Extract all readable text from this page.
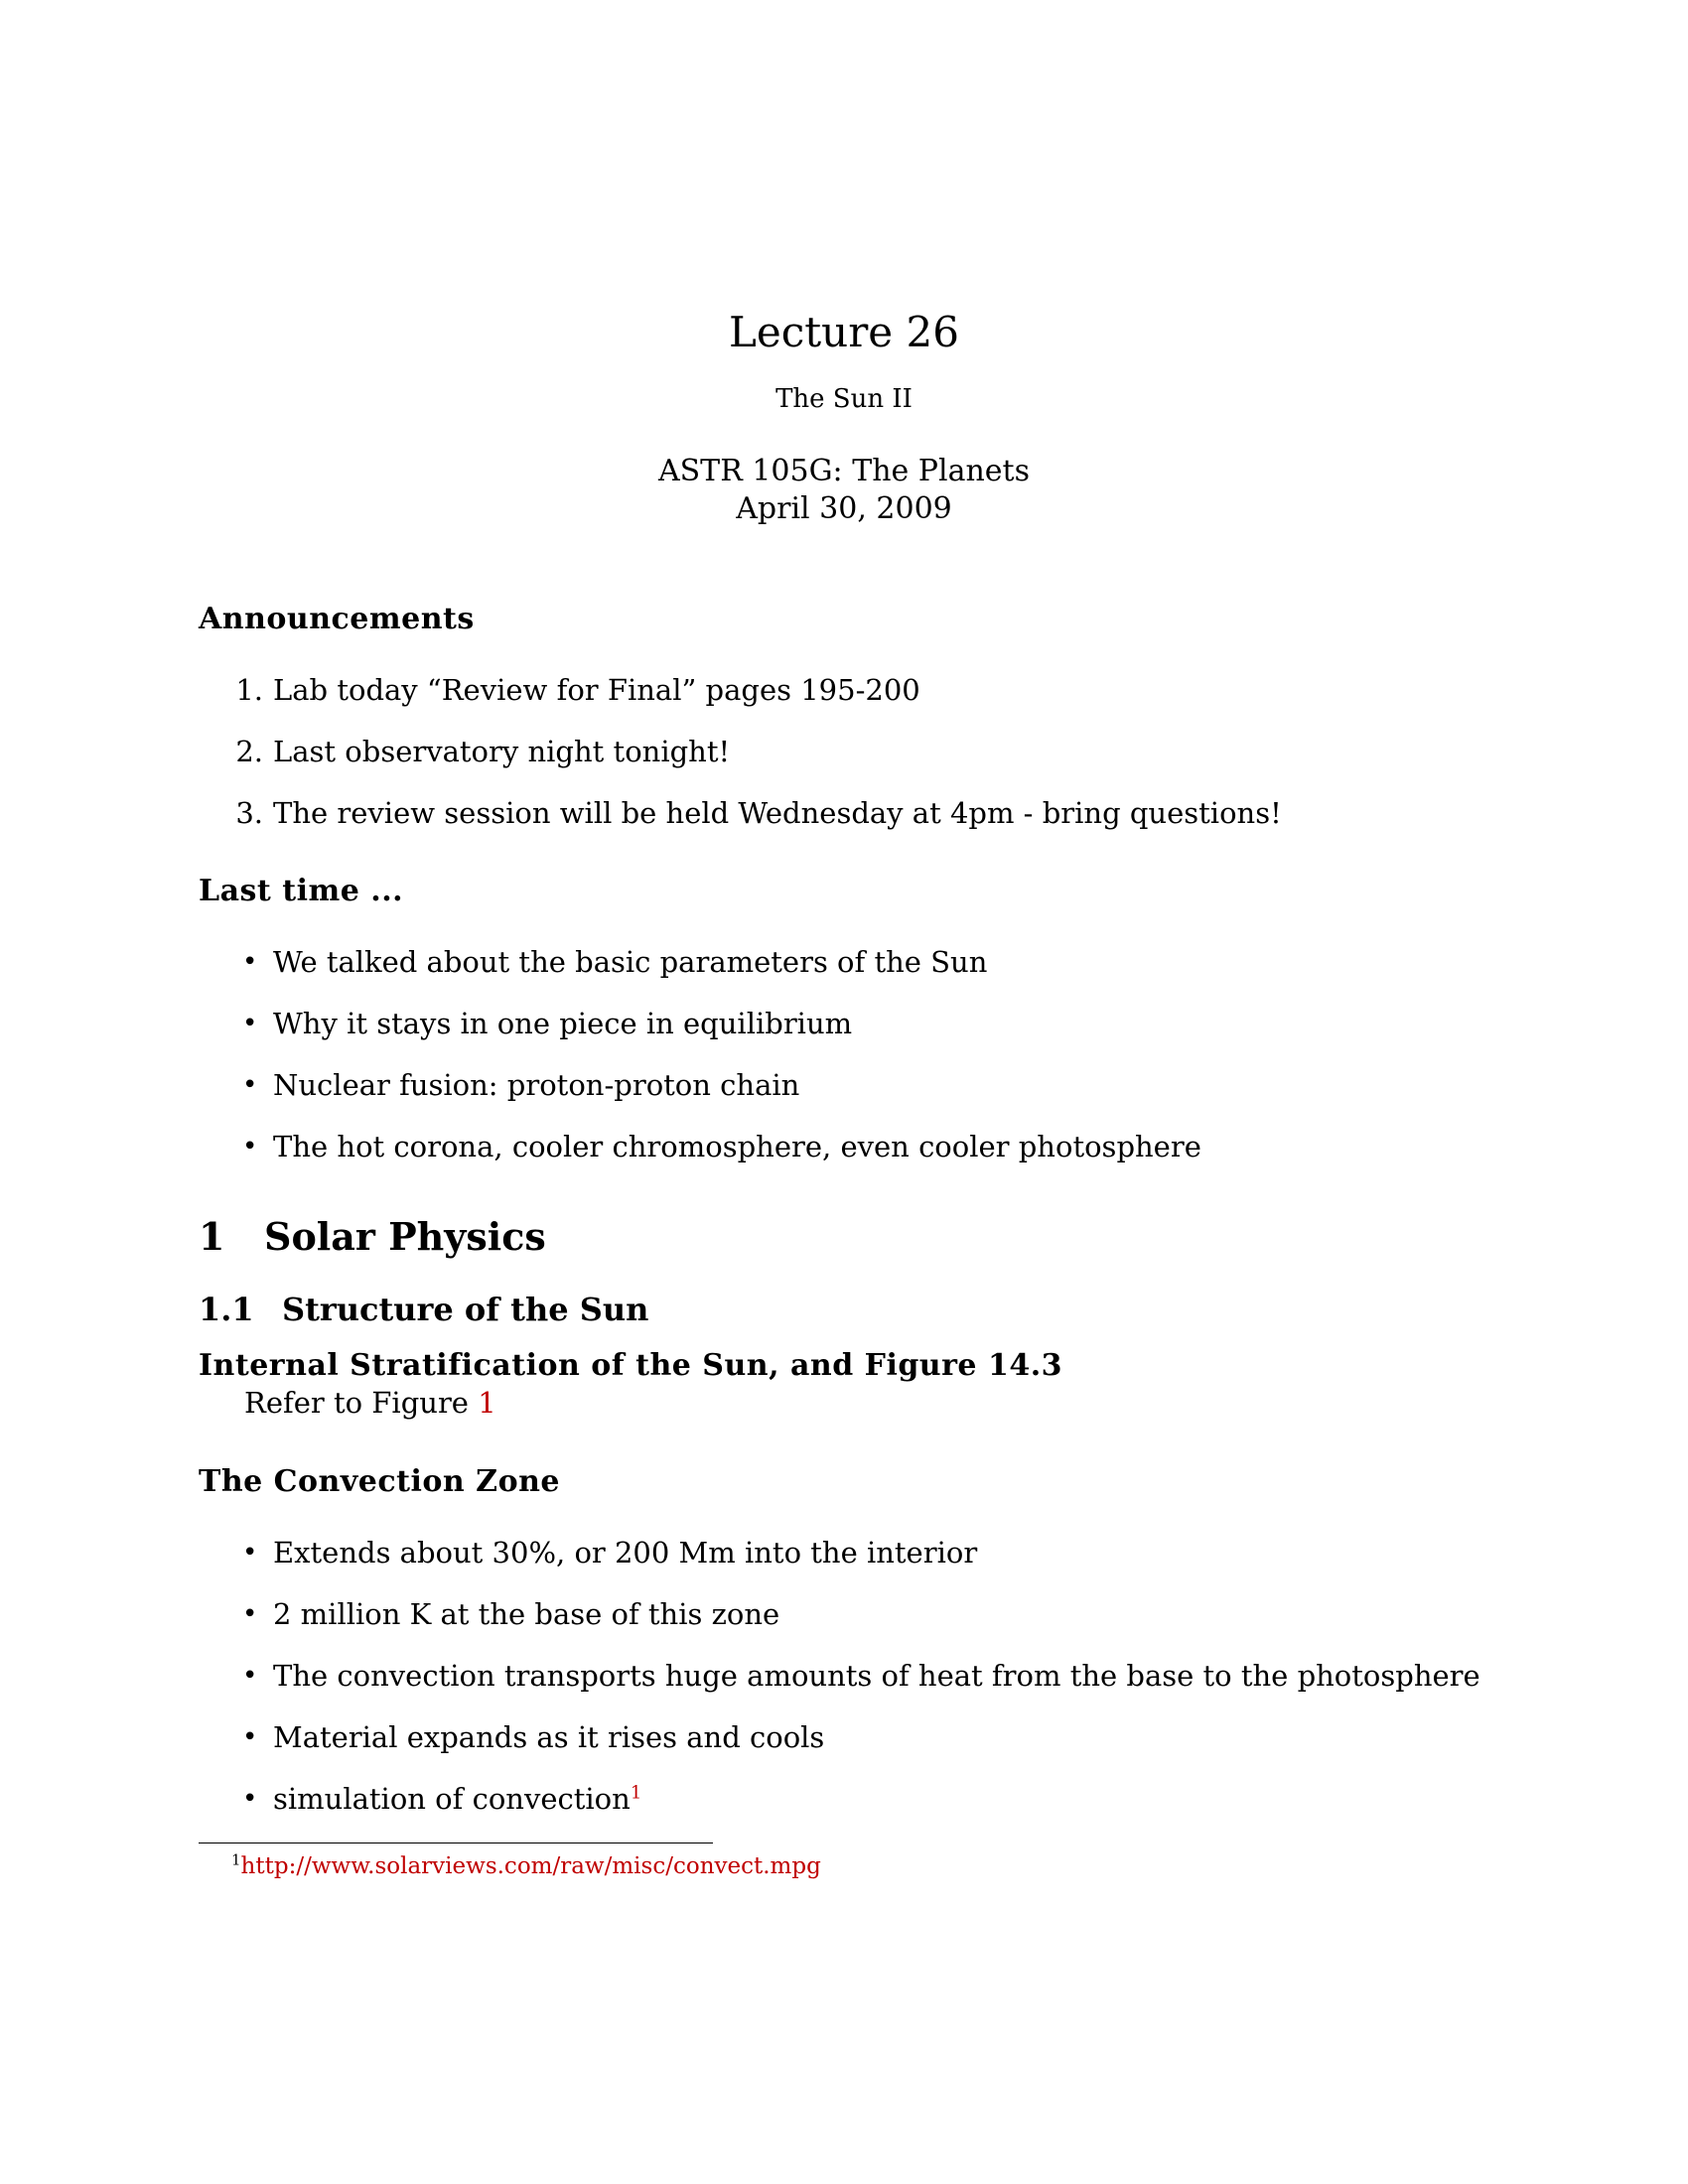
Lecture 26
The Sun II
ASTR 105G: The Planets
April 30, 2009
Announcements
1. Lab today “Review for Final” pages 195-200
2. Last observatory night tonight!
3. The review session will be held Wednesday at 4pm - bring questions!
Last time ...
• We talked about the basic parameters of the Sun
• Why it stays in one piece in equilibrium
• Nuclear fusion: proton-proton chain
• The hot corona, cooler chromosphere, even cooler photosphere
1 Solar Physics
1.1 Structure of the Sun
Internal Stratification of the Sun, and Figure 14.3
Refer to Figure 1
The Convection Zone
• Extends about 30%, or 200 Mm into the interior
• 2 million K at the base of this zone
• The convection transports huge amounts of heat from the base to the photosphere
• Material expands as it rises and cools
• simulation of convection$^1$
$^1$http://www.solarviews.com/raw/misc/convect.mpg
